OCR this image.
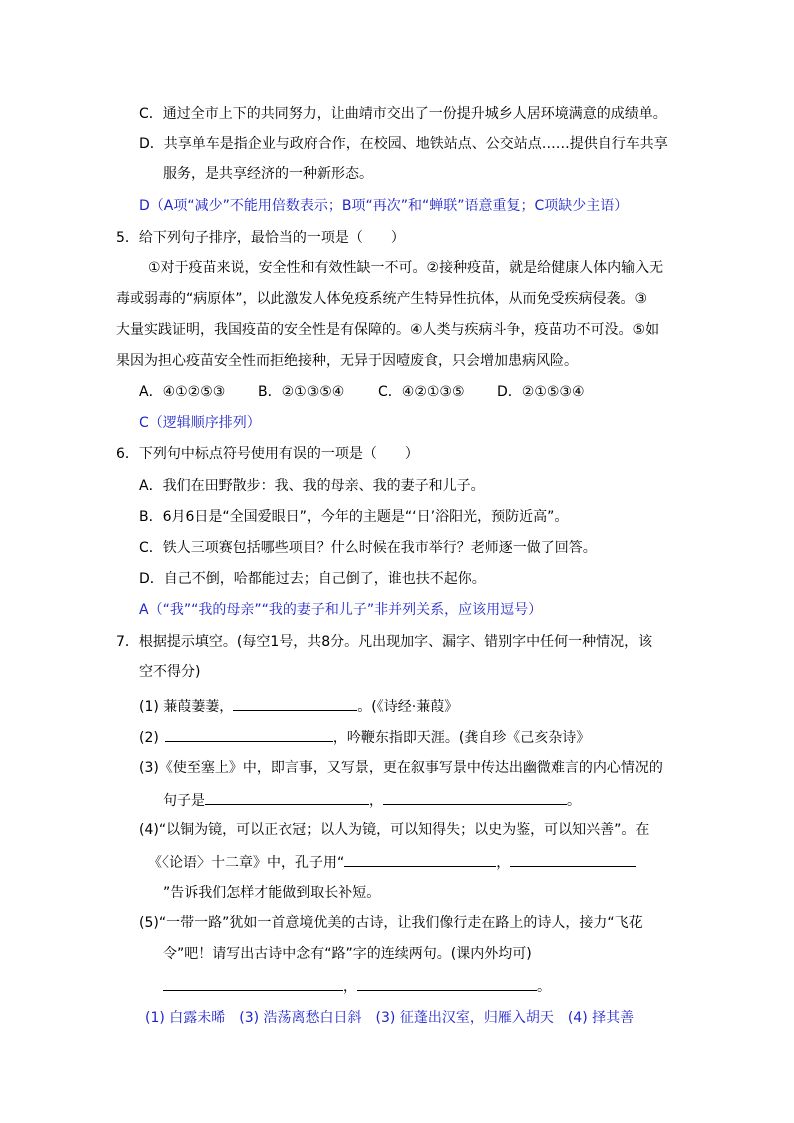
C．通过全市上下的共同努力，让曲靖市交出了一份提升城乡人居环境满意的成绩单。
D．共享单车是指企业与政府合作，在校园、地铁站点、公交站点……提供自行车共享
服务，是共享经济的一种新形态。
D（A项“减少”不能用倍数表示；B项“再次”和“蝉联”语意重复；C项缺少主语）
5．给下列句子排序，最恰当的一项是（　　）
①对于疫苗来说，安全性和有效性缺一不可。②接种疫苗，就是给健康人体内输入无
毒或弱毒的“病原体”，以此激发人体免疫系统产生特异性抗体，从而免受疾病侵袭。③
大量实践证明，我国疫苗的安全性是有保障的。④人类与疾病斗争，疫苗功不可没。⑤如
果因为担心疫苗安全性而拒绝接种，无异于因噎废食，只会增加患病风险。
A．④①②⑤③ B．②①③⑤④ C．④②①③⑤ D．②①⑤③④
C（逻辑顺序排列）
6．下列句中标点符号使用有误的一项是（　　）
A．我们在田野散步：我、我的母亲、我的妻子和儿子。
B．6月6日是“全国爱眼日”，今年的主题是“‘日’浴阳光，预防近高”。
C．铁人三项赛包括哪些项目？什么时候在我市举行？老师逐一做了回答。
D．自己不倒，哈都能过去；自己倒了，谁也扶不起你。
A（“我”“我的母亲”“我的妻子和儿子”非并列关系，应该用逗号）
7．根据提示填空。(每空1号，共8分。凡出现加字、漏字、错别字中任何一种情况，该
空不得分)
(1) 蒹葭萋萋，	。(《诗经·蒹葭》
(2)	，吟鞭东指即天涯。(龚自珍《己亥杂诗》
(3)《使至塞上》中，即言事，又写景，更在叙事写景中传达出幽微难言的内心情况的
句子是	，	。
(4)“以铜为镜，可以正衣冠；以人为镜，可以知得失；以史为鉴，可以知兴善”。在
《〈论语〉十二章》中，孔子用“	，
”告诉我们怎样才能做到取长补短。
(5)“一带一路”犹如一首意境优美的古诗，让我们像行走在路上的诗人，接力“飞花
令”吧！请写出古诗中念有“路”字的连续两句。(课内外均可)
，	。
(1) 白露未晞　(3) 浩荡离愁白日斜　(3) 征蓬出汉室，归雁入胡天　(4) 择其善
